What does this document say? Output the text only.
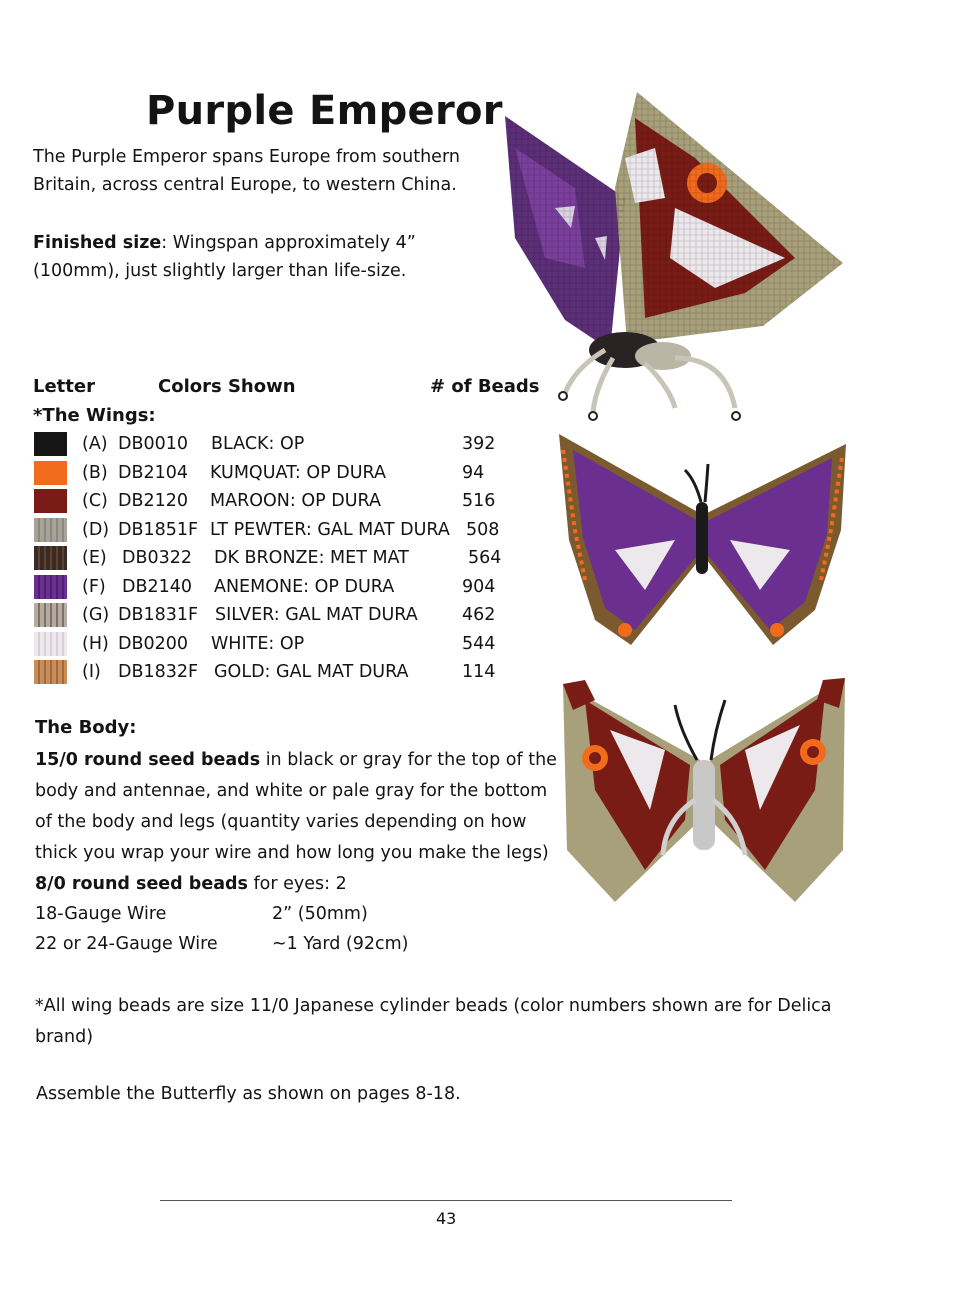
Purple Emperor
The Purple Emperor spans Europe from southern Britain, across central Europe, to western China.
Finished size: Wingspan approximately 4” (100mm), just slightly larger than life-size.
Letter	Colors Shown	# of Beads
*The Wings:
(A) DB0010 BLACK: OP	392
(B) DB2104 KUMQUAT: OP DURA	94
(C) DB2120 MAROON: OP DURA	516
(D) DB1851F LT PEWTER: GAL MAT DURA 508
(E) DB0322 DK BRONZE: MET MAT	564
(F) DB2140 ANEMONE: OP DURA	904
(G) DB1831F SILVER: GAL MAT DURA	462
(H) DB0200 WHITE: OP	544
(I) DB1832F GOLD: GAL MAT DURA	114
The Body:
15/0 round seed beads in black or gray for the top of the
body and antennae, and white or pale gray for the bottom
of the body and legs (quantity varies depending on how
thick you wrap your wire and how long you make the legs)
8/0 round seed beads for eyes: 2
18-Gauge Wire	2” (50mm)
22 or 24-Gauge Wire	~1 Yard (92cm)
*All wing beads are size 11/0 Japanese cylinder beads (color numbers shown are for Delica brand)
Assemble the Butterfly as shown on pages 8-18.
43
